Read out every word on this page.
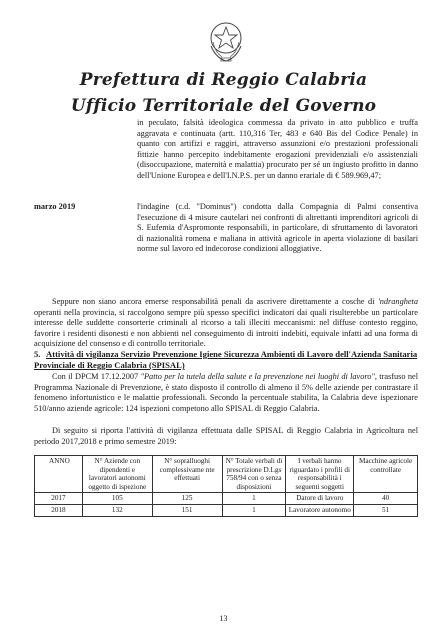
Prefettura di Reggio Calabria
Ufficio Territoriale del Governo
in peculato, falsità ideologica commessa da privato in atto pubblico e truffa aggravata e continuata (artt. 110,316 Ter, 483 e 640 Bis del Codice Penale) in quanto con artifizi e raggiri, attraverso assunzioni e/o prestazioni professionali fittizie hanno percepito indebitamente erogazioni previdenziali e/o assistenziali (disoccupazione, maternità e malattia) procurato per sé un ingiusto profitto in danno dell'Unione Europea e dell'I.N.P.S. per un danno erariale di € 589.969,47;
marzo 2019	l'indagine (c.d. "Dominus") condotta dalla Compagnia di Palmi consentiva l'esecuzione di 4 misure cautelari nei confronti di altrettanti imprenditori agricoli di S. Eufemia d'Aspromonte responsabili, in particolare, di sfruttamento di lavoratori di nazionalità romena e maliana in attività agricole in aperta violazione di basilari norme sul lavoro ed indecorose condizioni alloggiative.
Seppure non siano ancora emerse responsabilità penali da ascrivere direttamente a cosche di 'ndrangheta operanti nella provincia, si raccolgono sempre più spesso specifici indicatori dai quali risulterebbe un particolare interesse delle suddette consorterie criminali al ricorso a tali illeciti meccanismi: nel diffuse contesto reggino, favorire i residenti disonesti e non abbienti nel conseguimento di introiti indebiti, equivale infatti ad una forma di acquisizione del consenso e di controllo territoriale.
5. Attività di vigilanza Servizio Prevenzione Igiene Sicurezza Ambienti di Lavoro dell'Azienda Sanitaria Provinciale di Reggio Calabria (SPISAL)
Con il DPCM 17.12.2007 "Patto per la tutela della salute e la prevenzione nei luoghi di lavoro", trasfuso nel Programma Nazionale di Prevenzione, è stato disposto il controllo di almeno il 5% delle aziende per contrastare il fenomeno infortunistico e le malattie professionali. Secondo la percentuale stabilita, la Calabria deve ispezionare 510/anno aziende agricole: 124 ispezioni competono allo SPISAL di Reggio Calabria.
Di seguito si riporta l'attività di vigilanza effettuata dalle SPISAL di Reggio Calabria in Agricoltura nel periodo 2017,2018 e primo semestre 2019:
ANNO	N° Aziende con dipendenti e lavoratori autonomi oggetto di ispezione	N° sopralluoghi complessivame nte effettuati	N° Totale verbali di prescrizione D.Lgs 758/94 con o senza disposizioni	I verbali hanno riguardato i profili di responsabilità i seguenti soggetti	Macchine agricole controllate
2017	105	125	1	Datore di lavoro	40
2018	132	151	1	Lavoratore autonomo	51
13
